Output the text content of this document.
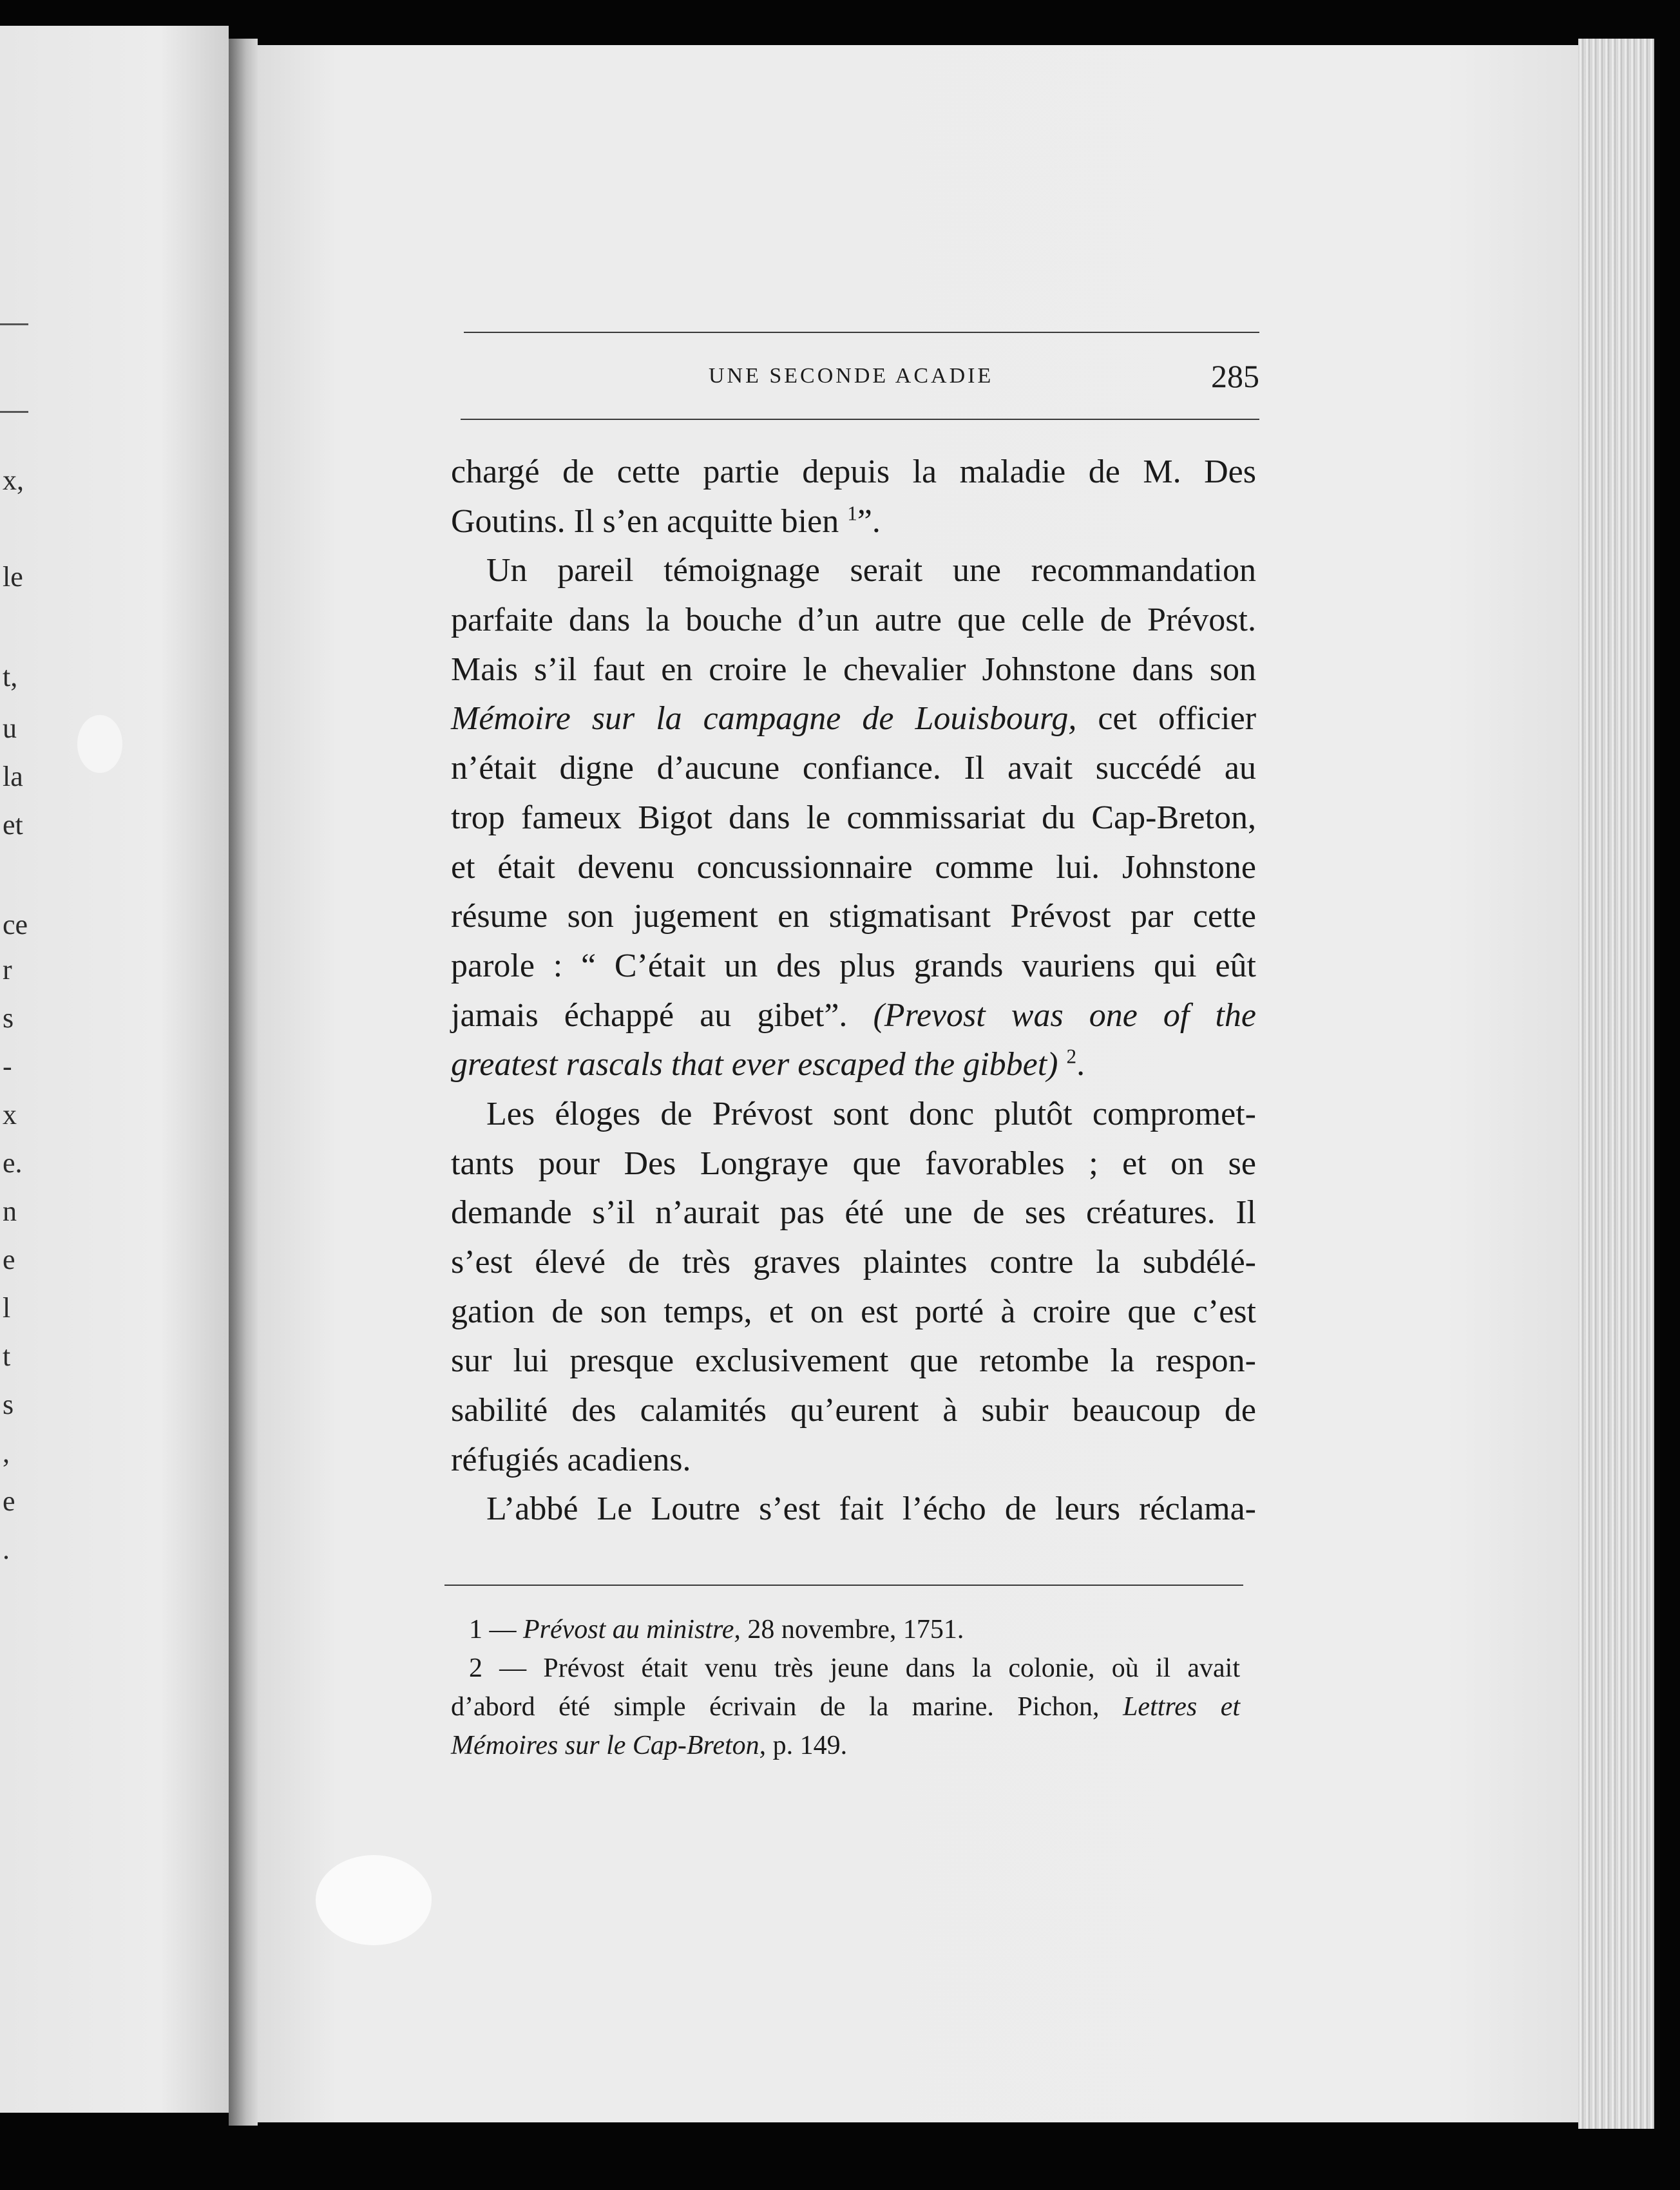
x,
le
t,
u
la
et
ce
r
s
-
x
e.
n
e
l
t
s
,
e
.
UNE SECONDE ACADIE	285
chargé de cette partie depuis la maladie de M. Des
Goutins. Il s’en acquitte bien $^1$”.
Un pareil témoignage serait une recommandation
parfaite dans la bouche d’un autre que celle de Prévost.
Mais s’il faut en croire le chevalier Johnstone dans son
Mémoire sur la campagne de Louisbourg, cet officier
n’était digne d’aucune confiance. Il avait succédé au
trop fameux Bigot dans le commissariat du Cap-Breton,
et était devenu concussionnaire comme lui. Johnstone
résume son jugement en stigmatisant Prévost par cette
parole : “ C’était un des plus grands vauriens qui eût
jamais échappé au gibet”. (Prevost was one of the
greatest rascals that ever escaped the gibbet) $^2$.
Les éloges de Prévost sont donc plutôt compromet-
tants pour Des Longraye que favorables ; et on se
demande s’il n’aurait pas été une de ses créatures. Il
s’est élevé de très graves plaintes contre la subdélé-
gation de son temps, et on est porté à croire que c’est
sur lui presque exclusivement que retombe la respon-
sabilité des calamités qu’eurent à subir beaucoup de
réfugiés acadiens.
L’abbé Le Loutre s’est fait l’écho de leurs réclama-
1 — Prévost au ministre, 28 novembre, 1751.
2 — Prévost était venu très jeune dans la colonie, où il avait
d’abord été simple écrivain de la marine. Pichon, Lettres et
Mémoires sur le Cap-Breton, p. 149.
